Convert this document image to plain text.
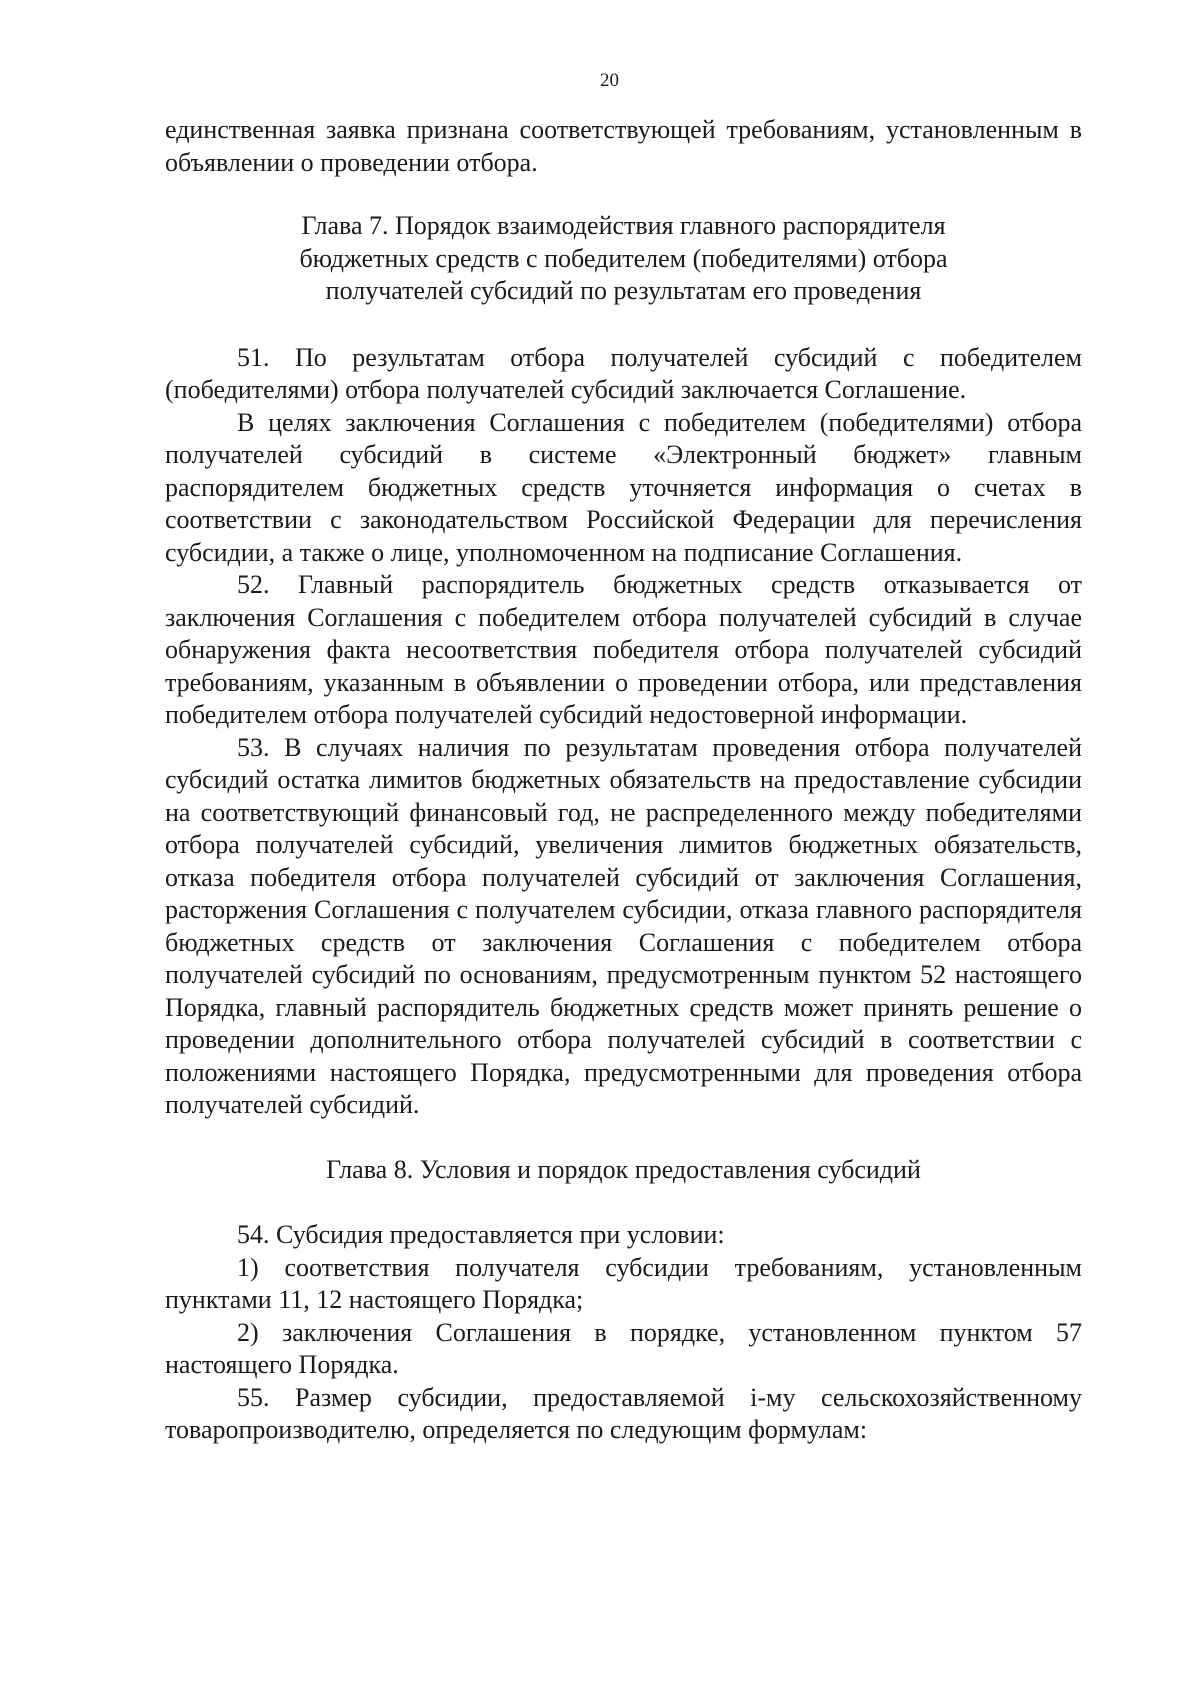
20

единственная заявка признана соответствующей требованиям, установленным в объявлении о проведении отбора.

Глава 7. Порядок взаимодействия главного распорядителя
бюджетных средств с победителем (победителями) отбора
получателей субсидий по результатам его проведения

51. По результатам отбора получателей субсидий с победителем (победителями) отбора получателей субсидий заключается Соглашение.

В целях заключения Соглашения с победителем (победителями) отбора получателей субсидий в системе «Электронный бюджет» главным распорядителем бюджетных средств уточняется информация о счетах в соответствии с законодательством Российской Федерации для перечисления субсидии, а также о лице, уполномоченном на подписание Соглашения.

52. Главный распорядитель бюджетных средств отказывается от заключения Соглашения с победителем отбора получателей субсидий в случае обнаружения факта несоответствия победителя отбора получателей субсидий требованиям, указанным в объявлении о проведении отбора, или представления победителем отбора получателей субсидий недостоверной информации.

53. В случаях наличия по результатам проведения отбора получателей субсидий остатка лимитов бюджетных обязательств на предоставление субсидии на соответствующий финансовый год, не распределенного между победителями отбора получателей субсидий, увеличения лимитов бюджетных обязательств, отказа победителя отбора получателей субсидий от заключения Соглашения, расторжения Соглашения с получателем субсидии, отказа главного распорядителя бюджетных средств от заключения Соглашения с победителем отбора получателей субсидий по основаниям, предусмотренным пунктом 52 настоящего Порядка, главный распорядитель бюджетных средств может принять решение о проведении дополнительного отбора получателей субсидий в соответствии с положениями настоящего Порядка, предусмотренными для проведения отбора получателей субсидий.

Глава 8. Условия и порядок предоставления субсидий

54. Субсидия предоставляется при условии:

1) соответствия получателя субсидии требованиям, установленным пунктами 11, 12 настоящего Порядка;

2) заключения Соглашения в порядке, установленном пунктом 57 настоящего Порядка.

55. Размер субсидии, предоставляемой i-му сельскохозяйственному товаропроизводителю, определяется по следующим формулам:
